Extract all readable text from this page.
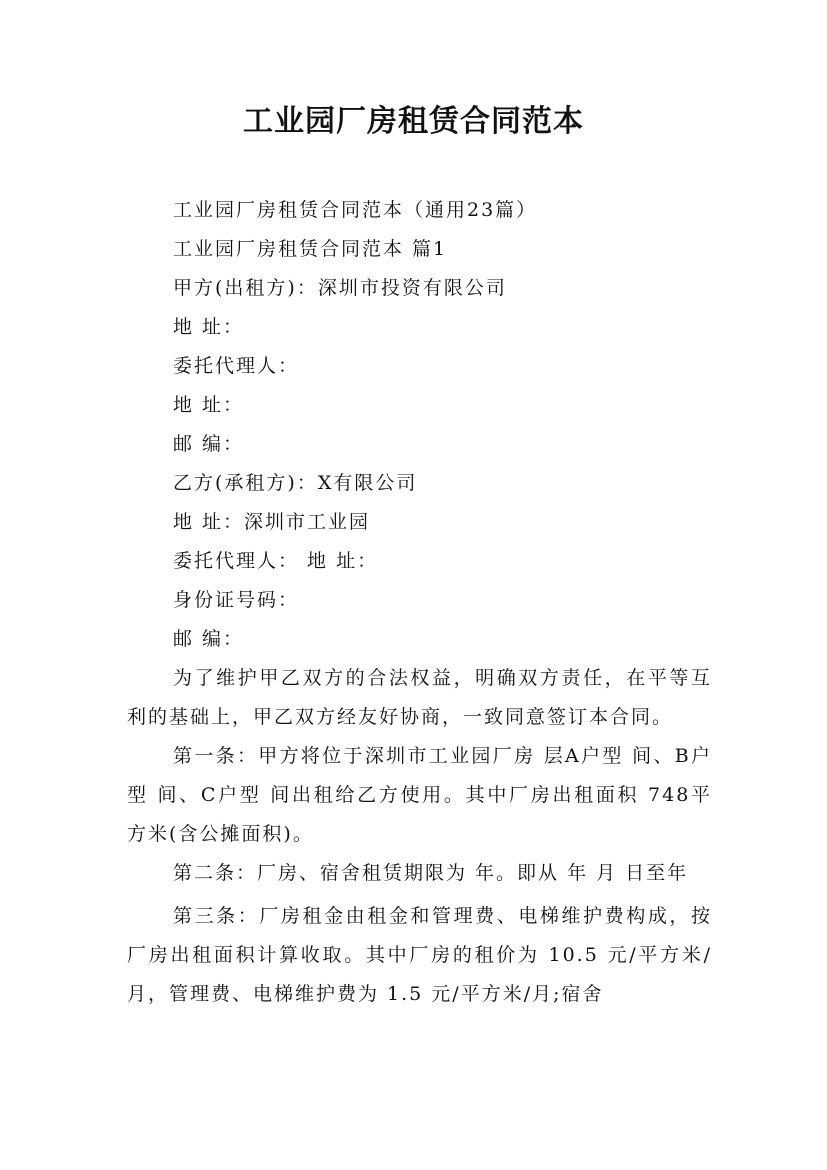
工业园厂房租赁合同范本

工业园厂房租赁合同范本（通用23篇）

工业园厂房租赁合同范本 篇1

甲方(出租方)：深圳市投资有限公司

地 址：

委托代理人：

地 址：

邮 编：

乙方(承租方)：X有限公司

地 址：深圳市工业园

委托代理人： 地 址：

身份证号码：

邮 编：

为了维护甲乙双方的合法权益，明确双方责任，在平等互利的基础上，甲乙双方经友好协商，一致同意签订本合同。

第一条：甲方将位于深圳市工业园厂房 层A户型 间、B户型 间、C户型 间出租给乙方使用。其中厂房出租面积 748平方米(含公摊面积)。

第二条：厂房、宿舍租赁期限为 年。即从 年 月 日至年

第三条：厂房租金由租金和管理费、电梯维护费构成，按厂房出租面积计算收取。其中厂房的租价为 10.5 元/平方米/月，管理费、电梯维护费为 1.5 元/平方米/月;宿舍
